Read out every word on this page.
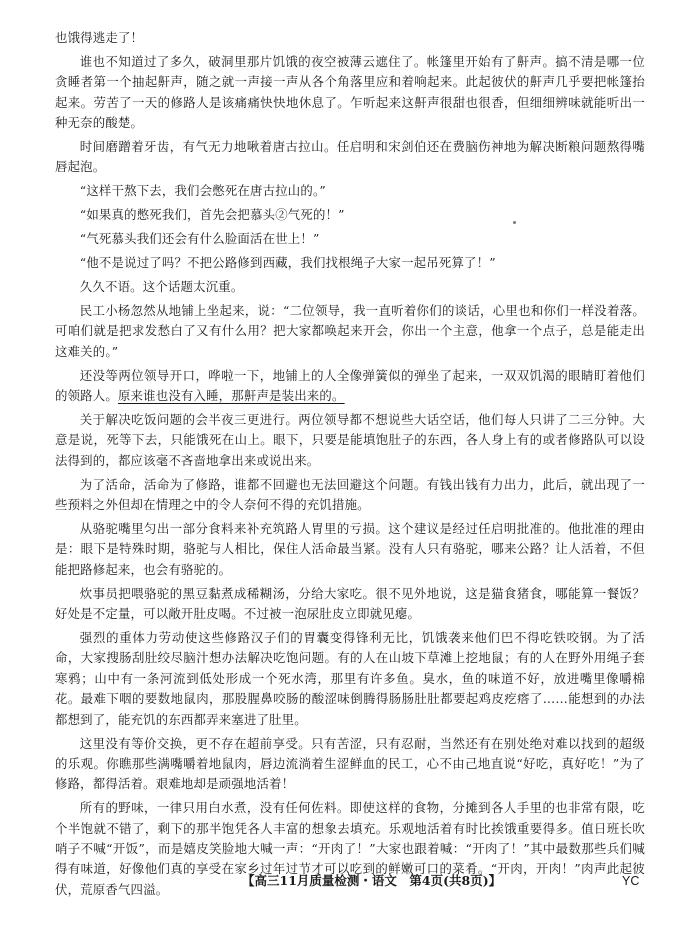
也饿得逃走了！

谁也不知道过了多久，破洞里那片饥饿的夜空被薄云遮住了。帐篷里开始有了鼾声。搞不清是哪一位贪睡者第一个抽起鼾声，随之就一声接一声从各个角落里应和着响起来。此起彼伏的鼾声几乎要把帐篷抬起来。劳苦了一天的修路人是该痛痛快快地休息了。乍听起来这鼾声很甜也很香，但细细辨味就能听出一种无奈的酸楚。

时间磨蹭着牙齿，有气无力地啾着唐古拉山。任启明和宋剑伯还在费脑伤神地为解决断粮问题熬得嘴唇起泡。

“这样干熬下去，我们会憋死在唐古拉山的。”

“如果真的憋死我们，首先会把慕头②气死的！”

“气死慕头我们还会有什么脸面活在世上！”

“他不是说过了吗？不把公路修到西藏，我们找根绳子大家一起吊死算了！”

久久不语。这个话题太沉重。

民工小杨忽然从地铺上坐起来，说：“二位领导，我一直听着你们的谈话，心里也和你们一样没着落。可咱们就是把求发愁白了又有什么用？把大家都唤起来开会，你出一个主意，他拿一个点子，总是能走出这难关的。”

还没等两位领导开口，哗啦一下，地铺上的人全像弹簧似的弹坐了起来，一双双饥渴的眼睛盯着他们的领路人。原来谁也没有入睡，那鼾声是装出来的。

关于解决吃饭问题的会半夜三更进行。两位领导都不想说些大话空话，他们每人只讲了二三分钟。大意是说，死等下去，只能饿死在山上。眼下，只要是能填饱肚子的东西，各人身上有的或者修路队可以设法得到的，都应该毫不吝啬地拿出来或说出来。

为了活命，活命为了修路，谁都不回避也无法回避这个问题。有钱出钱有力出力，此后，就出现了一些预料之外但却在情理之中的令人奈何不得的充饥措施。

从骆驼嘴里匀出一部分食料来补充筑路人胃里的亏损。这个建议是经过任启明批准的。他批准的理由是：眼下是特殊时期，骆驼与人相比，保住人活命最当紧。没有人只有骆驼，哪来公路？让人活着，不但能把路修起来，也会有骆驼的。

炊事员把喂骆驼的黑豆黏煮成稀糊汤，分给大家吃。很不见外地说，这是猫食猪食，哪能算一餐饭？好处是不定量，可以敞开肚皮喝。不过被一泡尿肚皮立即就见瘪。

强烈的重体力劳动使这些修路汉子们的胃囊变得锋利无比，饥饿袭来他们巴不得吃铁咬钢。为了活命，大家搜肠刮肚绞尽脑汁想办法解决吃饱问题。有的人在山坡下草滩上挖地鼠；有的人在野外用绳子套寒鸦；山中有一条河流到低处形成一个死水湾，那里有许多鱼。臭水，鱼的味道不好，放进嘴里像嚼棉花。最难下咽的要数地鼠肉，那股腥鼻咬肠的酸涩味倒腾得肠肠肚肚都要起鸡皮疙瘩了……能想到的办法都想到了，能充饥的东西都弄来塞进了肚里。

这里没有等价交换，更不存在超前享受。只有苦涩，只有忍耐，当然还有在别处绝对难以找到的超级的乐观。你瞧那些满嘴嚼着地鼠肉，唇边流淌着生涩鲜血的民工，心不由己地直说“好吃，真好吃！”为了修路，都得活着。艰难地却是顽强地活着！

所有的野味，一律只用白水煮，没有任何佐料。即使这样的食物，分摊到各人手里的也非常有限，吃个半饱就不错了，剩下的那半饱凭各人丰富的想象去填充。乐观地活着有时比挨饿重要得多。值日班长吹哨子不喊“开饭”，而是嬉皮笑脸地大喊一声：“开肉了！”大家也跟着喊：“开肉了！”其中最数那些兵们喊得有味道，好像他们真的享受在家乡过年过节才可以吃到的鲜嫩可口的菜肴。“开肉，开肉！”肉声此起彼伏，荒原香气四溢。

【高三11月质量检测・语文　第4页(共8页)】	YC
